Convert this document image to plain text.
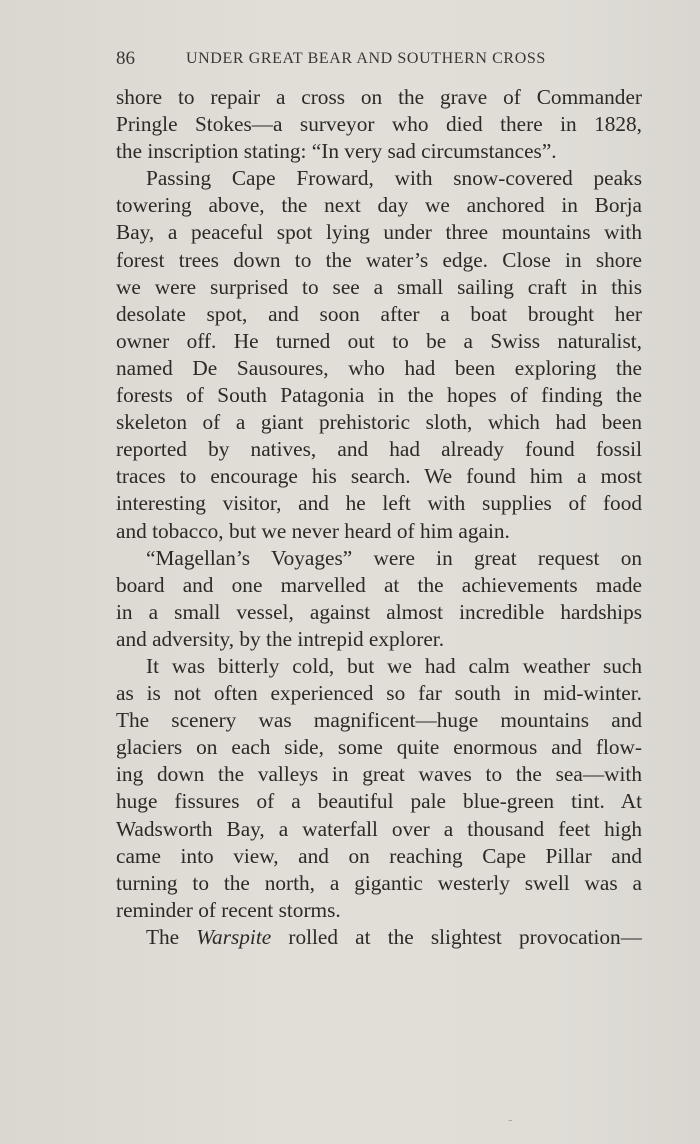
86	UNDER GREAT BEAR AND SOUTHERN CROSS
shore to repair a cross on the grave of Commander
Pringle Stokes—a surveyor who died there in 1828,
the inscription stating: “In very sad circumstances”.
Passing Cape Froward, with snow-covered peaks
towering above, the next day we anchored in Borja
Bay, a peaceful spot lying under three mountains with
forest trees down to the water’s edge. Close in shore
we were surprised to see a small sailing craft in this
desolate spot, and soon after a boat brought her
owner off. He turned out to be a Swiss naturalist,
named De Sausoures, who had been exploring the
forests of South Patagonia in the hopes of finding the
skeleton of a giant prehistoric sloth, which had been
reported by natives, and had already found fossil
traces to encourage his search. We found him a most
interesting visitor, and he left with supplies of food
and tobacco, but we never heard of him again.
“Magellan’s Voyages” were in great request on
board and one marvelled at the achievements made
in a small vessel, against almost incredible hardships
and adversity, by the intrepid explorer.
It was bitterly cold, but we had calm weather such
as is not often experienced so far south in mid-winter.
The scenery was magnificent—huge mountains and
glaciers on each side, some quite enormous and flow-
ing down the valleys in great waves to the sea—with
huge fissures of a beautiful pale blue-green tint. At
Wadsworth Bay, a waterfall over a thousand feet high
came into view, and on reaching Cape Pillar and
turning to the north, a gigantic westerly swell was a
reminder of recent storms.
The Warspite rolled at the slightest provocation—
⁻
